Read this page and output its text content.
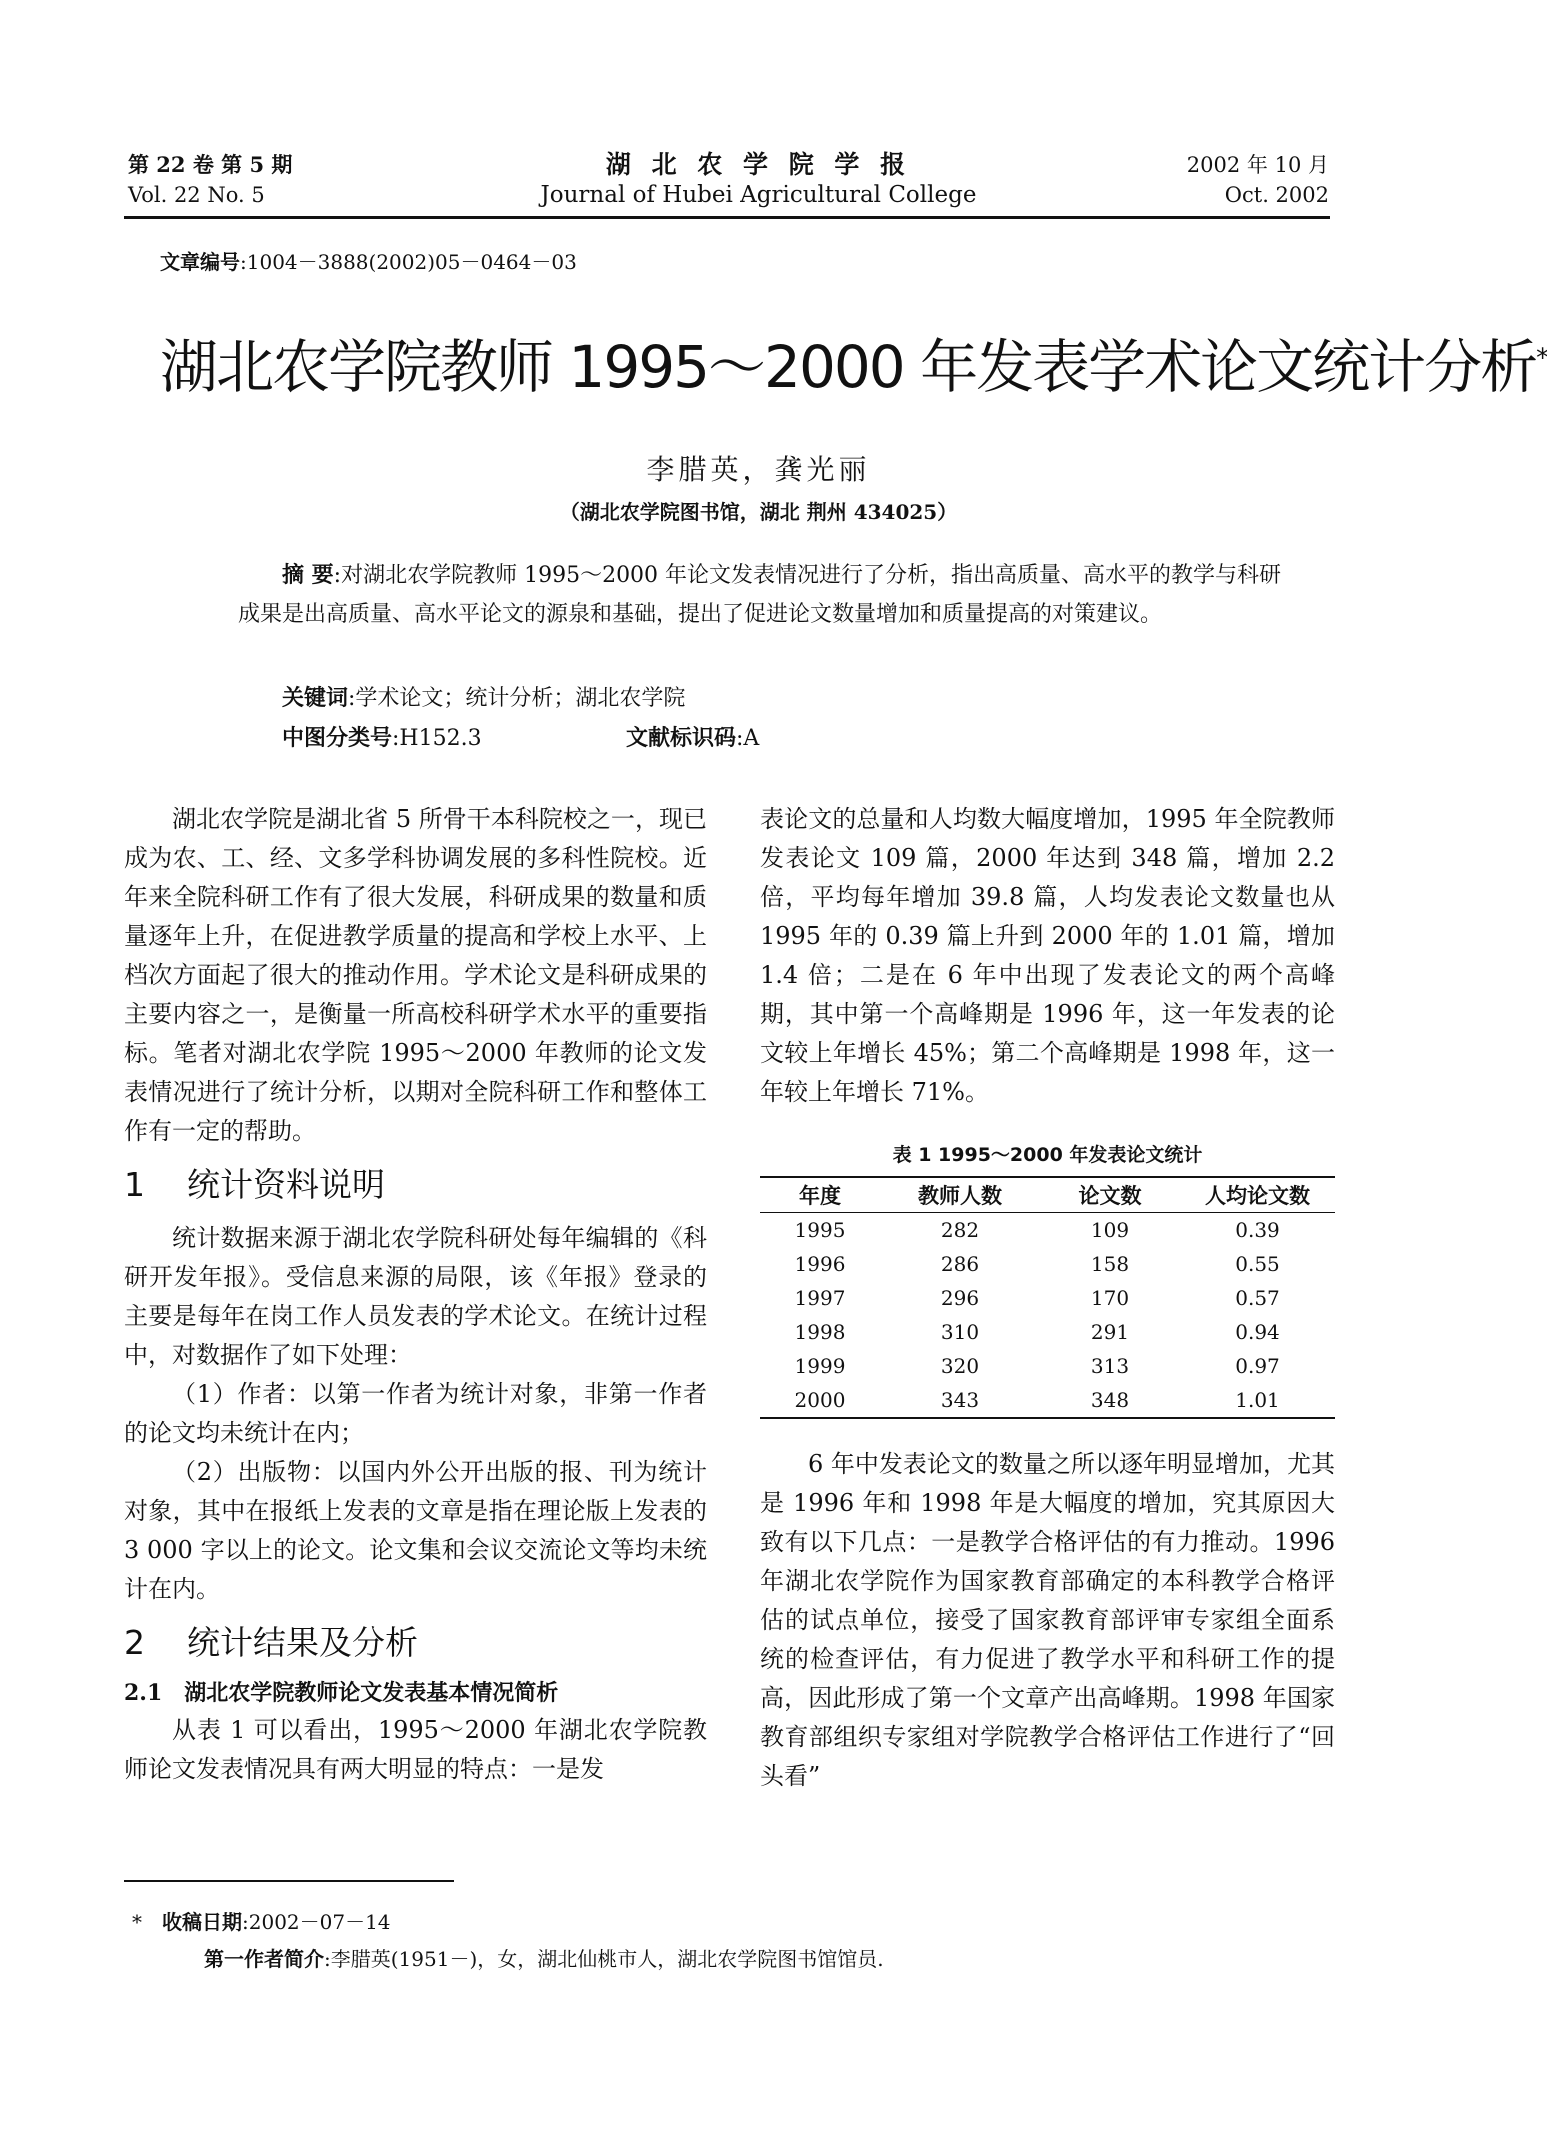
第 22 卷 第 5 期
Vol. 22 No. 5
湖 北 农 学 院 学 报
Journal of Hubei Agricultural College
2002 年 10 月
Oct. 2002
文章编号:1004－3888(2002)05－0464－03
湖北农学院教师 1995～2000 年发表学术论文统计分析*
李腊英，龚光丽
（湖北农学院图书馆，湖北 荆州 434025）
摘 要:对湖北农学院教师 1995～2000 年论文发表情况进行了分析，指出高质量、高水平的教学与科研成果是出高质量、高水平论文的源泉和基础，提出了促进论文数量增加和质量提高的对策建议。
关键词:学术论文；统计分析；湖北农学院
中图分类号:H152.3	文献标识码:A

湖北农学院是湖北省 5 所骨干本科院校之一，现已成为农、工、经、文多学科协调发展的多科性院校。近年来全院科研工作有了很大发展，科研成果的数量和质量逐年上升，在促进教学质量的提高和学校上水平、上档次方面起了很大的推动作用。学术论文是科研成果的主要内容之一，是衡量一所高校科研学术水平的重要指标。笔者对湖北农学院 1995～2000 年教师的论文发表情况进行了统计分析，以期对全院科研工作和整体工作有一定的帮助。

1 统计资料说明

统计数据来源于湖北农学院科研处每年编辑的《科研开发年报》。受信息来源的局限，该《年报》登录的主要是每年在岗工作人员发表的学术论文。在统计过程中，对数据作了如下处理：

（1）作者：以第一作者为统计对象，非第一作者的论文均未统计在内；

（2）出版物：以国内外公开出版的报、刊为统计对象，其中在报纸上发表的文章是指在理论版上发表的 3 000 字以上的论文。论文集和会议交流论文等均未统计在内。

2 统计结果及分析
2.1 湖北农学院教师论文发表基本情况简析

从表 1 可以看出，1995～2000 年湖北农学院教师论文发表情况具有两大明显的特点：一是发

表论文的总量和人均数大幅度增加，1995 年全院教师发表论文 109 篇，2000 年达到 348 篇，增加 2.2 倍，平均每年增加 39.8 篇，人均发表论文数量也从 1995 年的 0.39 篇上升到 2000 年的 1.01 篇，增加 1.4 倍；二是在 6 年中出现了发表论文的两个高峰期，其中第一个高峰期是 1996 年，这一年发表的论文较上年增长 45%；第二个高峰期是 1998 年，这一年较上年增长 71%。

表 1 1995～2000 年发表论文统计
年度	教师人数	论文数	人均论文数
1995	282	109	0.39
1996	286	158	0.55
1997	296	170	0.57
1998	310	291	0.94
1999	320	313	0.97
2000	343	348	1.01

6 年中发表论文的数量之所以逐年明显增加，尤其是 1996 年和 1998 年是大幅度的增加，究其原因大致有以下几点：一是教学合格评估的有力推动。1996 年湖北农学院作为国家教育部确定的本科教学合格评估的试点单位，接受了国家教育部评审专家组全面系统的检查评估，有力促进了教学水平和科研工作的提高，因此形成了第一个文章产出高峰期。1998 年国家教育部组织专家组对学院教学合格评估工作进行了“回头看”

* 收稿日期:2002－07－14
第一作者简介:李腊英(1951－)，女，湖北仙桃市人，湖北农学院图书馆馆员.
